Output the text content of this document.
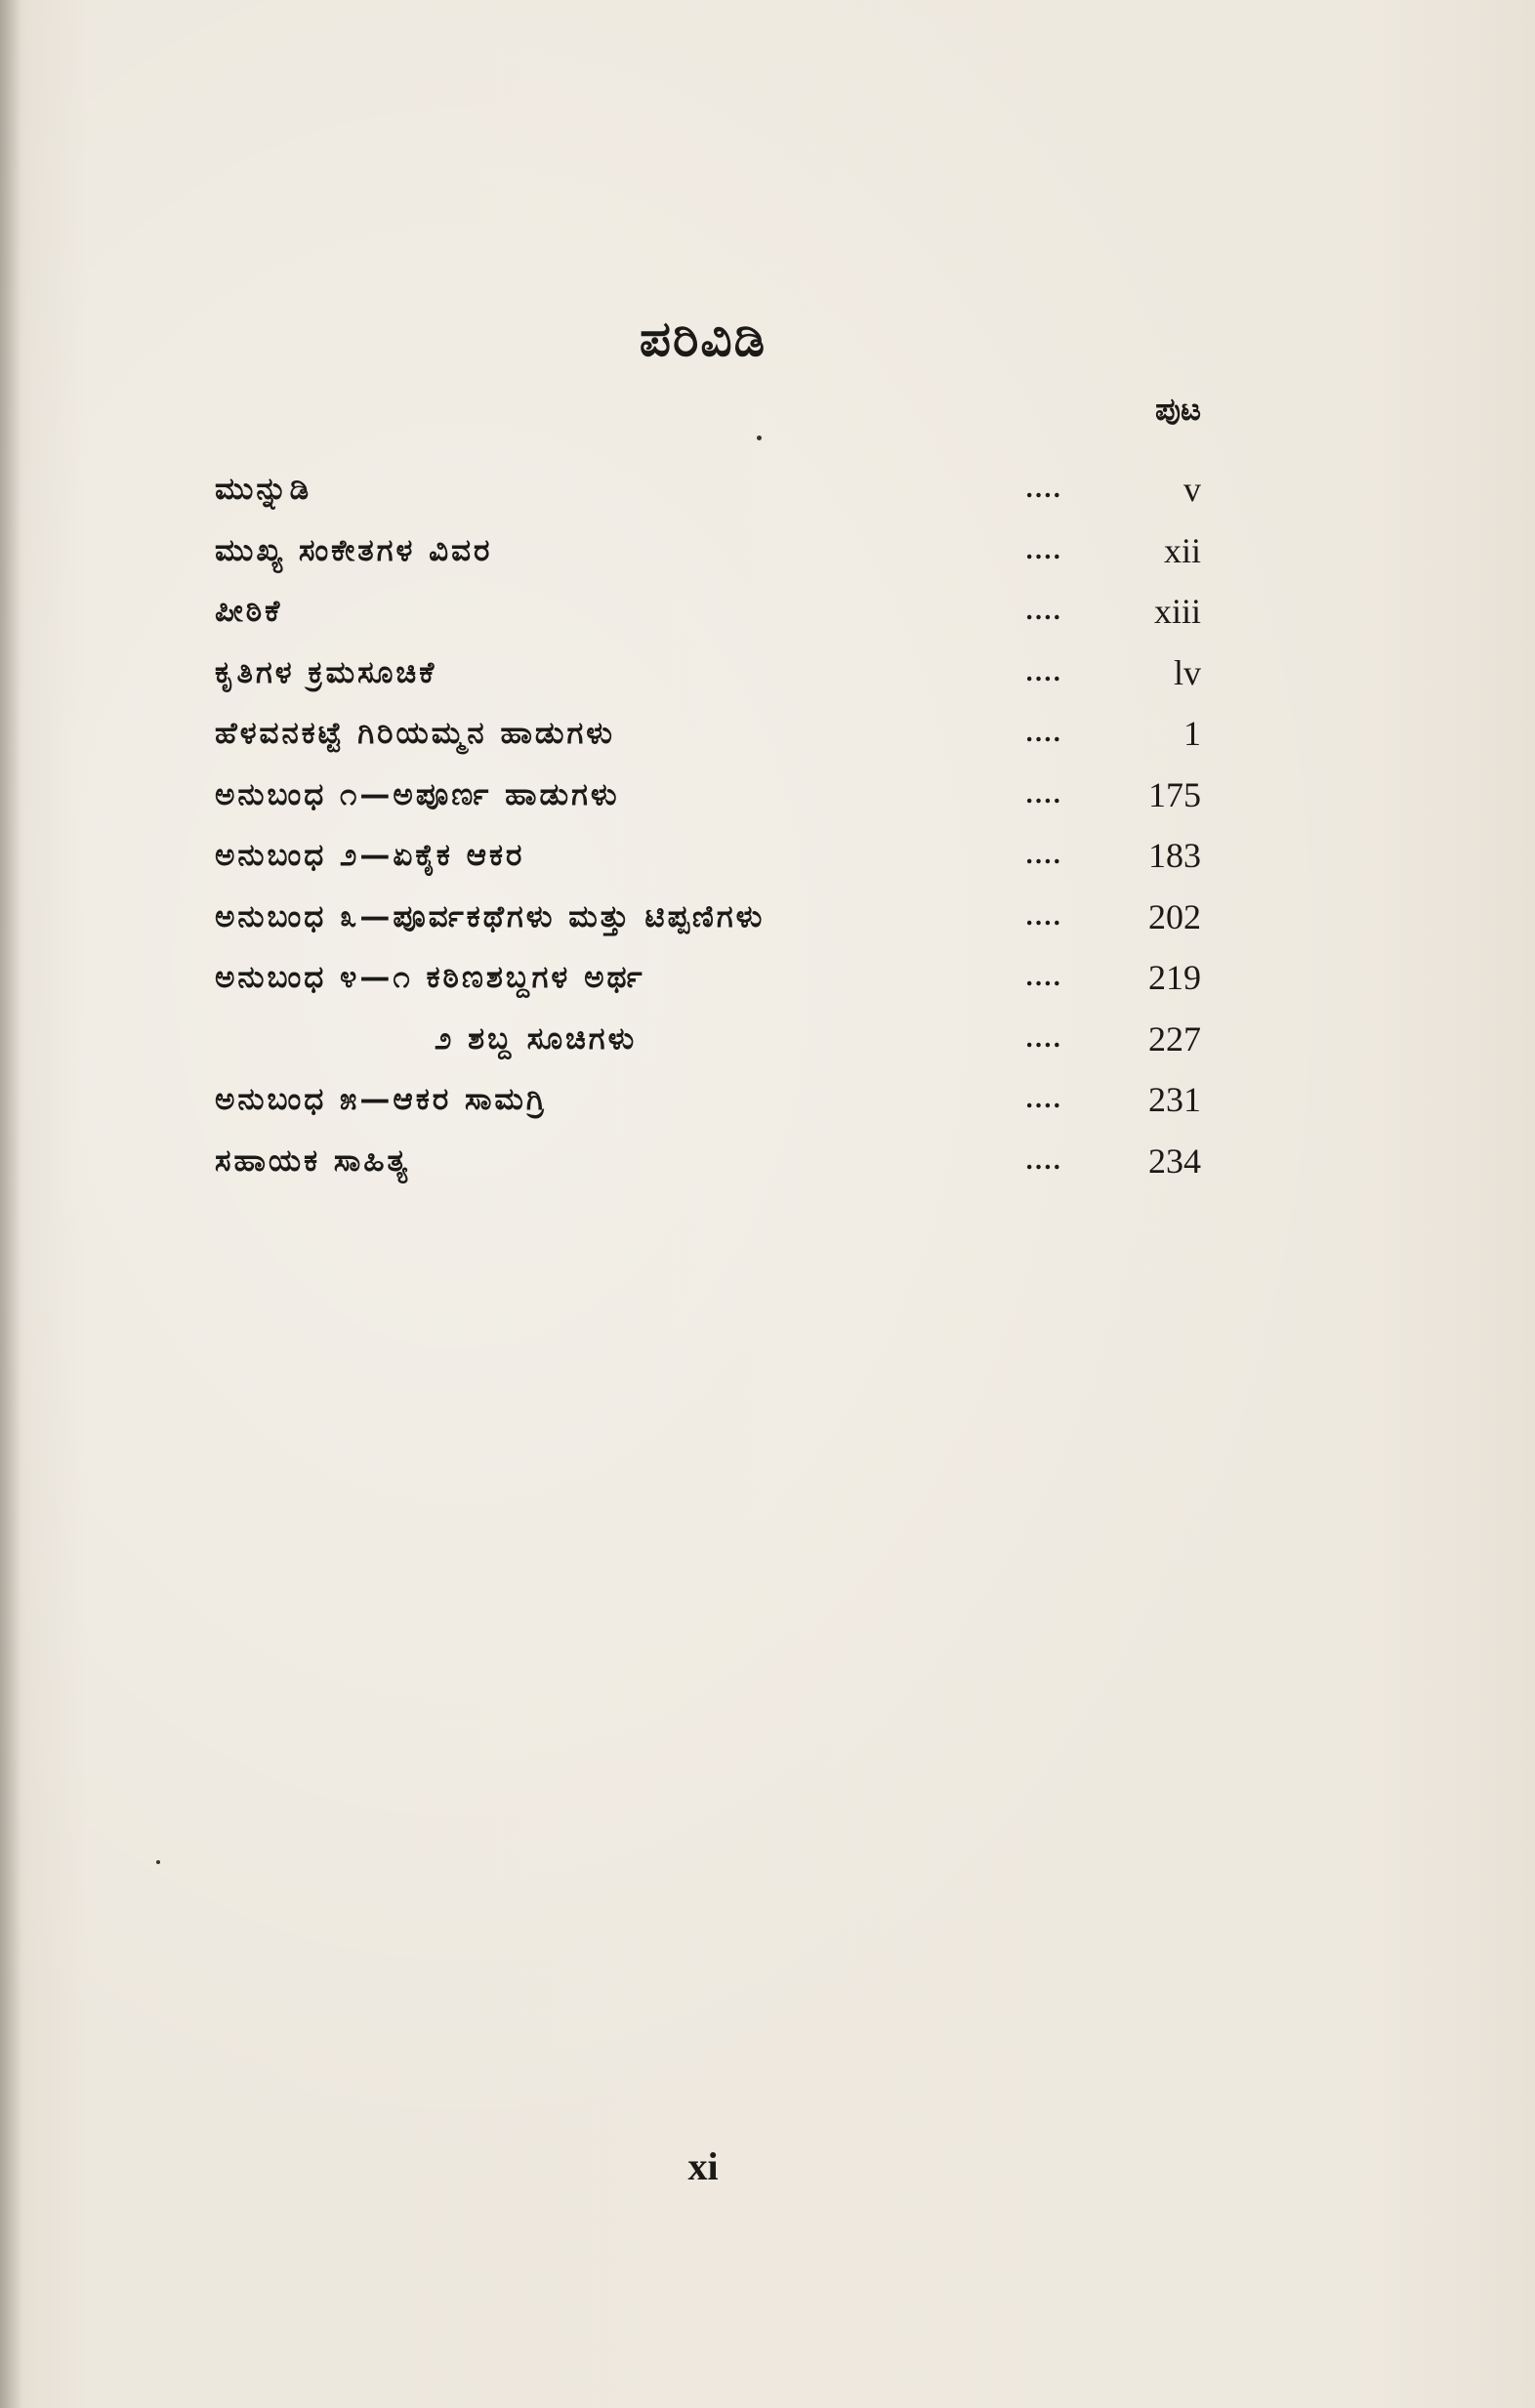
ಪರಿವಿಡಿ
ಪುಟ
ಮುನ್ನುಡಿ	....	v
ಮುಖ್ಯ ಸಂಕೇತಗಳ ವಿವರ	....	xii
ಪೀಠಿಕೆ	....	xiii
ಕೃತಿಗಳ ಕ್ರಮಸೂಚಿಕೆ	....	lv
ಹೆಳವನಕಟ್ಟೆ ಗಿರಿಯಮ್ಮನ ಹಾಡುಗಳು	....	1
ಅನುಬಂಧ ೧—ಅಪೂರ್ಣ ಹಾಡುಗಳು	....	175
ಅನುಬಂಧ ೨—ಏಕೈಕ ಆಕರ	....	183
ಅನುಬಂಧ ೩—ಪೂರ್ವಕಥೆಗಳು ಮತ್ತು ಟಿಪ್ಪಣಿಗಳು	....	202
ಅನುಬಂಧ ೪—೧ ಕಠಿಣಶಬ್ದಗಳ ಅರ್ಥ	....	219
೨ ಶಬ್ದ ಸೂಚಿಗಳು	....	227
ಅನುಬಂಧ ೫—ಆಕರ ಸಾಮಗ್ರಿ	....	231
ಸಹಾಯಕ ಸಾಹಿತ್ಯ	....	234
xi
